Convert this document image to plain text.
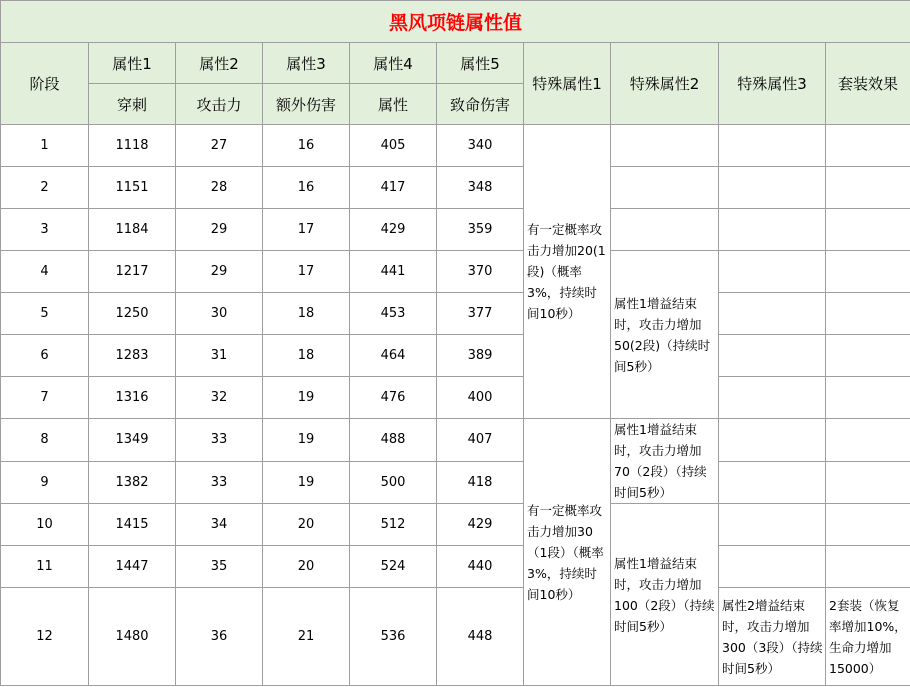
黑风项链属性值									
阶段	属性1	属性2	属性3	属性4	属性5	特殊属性1	特殊属性2	特殊属性3	套装效果
	穿刺	攻击力	额外伤害	属性	致命伤害				
1	1118	27	16	405	340	有一定概率攻击力增加20(1段)（概率3%，持续时间10秒）			
2	1151	28	16	417	348				
3	1184	29	17	429	359				
4	1217	29	17	441	370		属性1增益结束时，攻击力增加50(2段)（持续时间5秒）		
5	1250	30	18	453	377				
6	1283	31	18	464	389				
7	1316	32	19	476	400				
8	1349	33	19	488	407	有一定概率攻击力增加30（1段）（概率3%，持续时间10秒）	属性1增益结束时，攻击力增加70（2段）（持续时间5秒）		
9	1382	33	19	500	418				
10	1415	34	20	512	429		属性1增益结束时，攻击力增加100（2段）（持续时间5秒）		
11	1447	35	20	524	440				
12	1480	36	21	536	448			属性2增益结束时，攻击力增加300（3段）（持续时间5秒）	2套装（恢复率增加10%，生命力增加15000）
